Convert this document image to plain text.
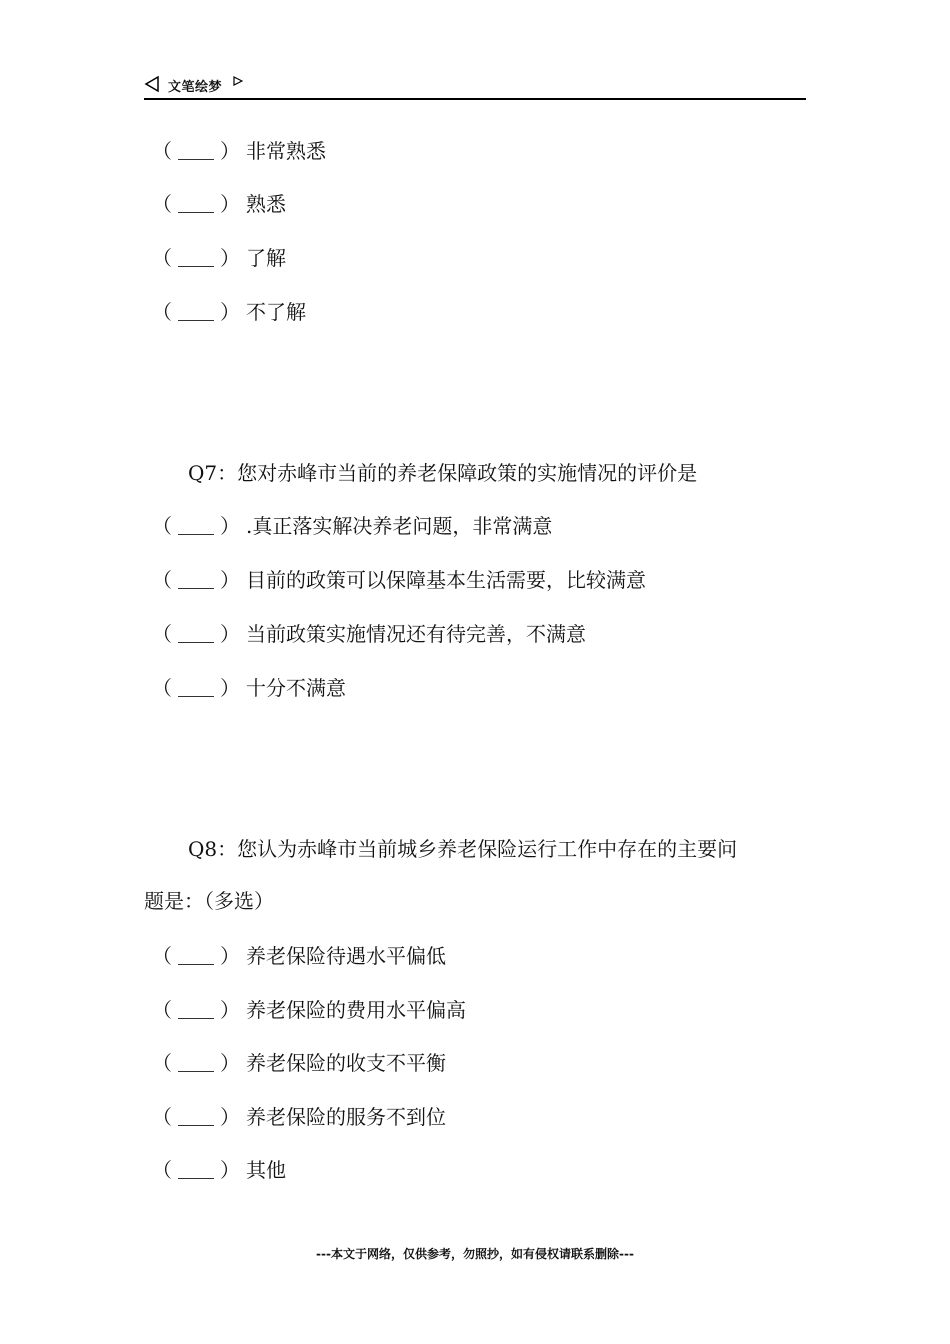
文笔绘梦
（ ） 非常熟悉
（ ） 熟悉
（ ） 了解
（ ） 不了解
Q7：您对赤峰市当前的养老保障政策的实施情况的评价是
（ ） .真正落实解决养老问题，非常满意
（ ） 目前的政策可以保障基本生活需要，比较满意
（ ） 当前政策实施情况还有待完善，不满意
（ ） 十分不满意
Q8：您认为赤峰市当前城乡养老保险运行工作中存在的主要问
题是：（多选）
（ ） 养老保险待遇水平偏低
（ ） 养老保险的费用水平偏高
（ ） 养老保险的收支不平衡
（ ） 养老保险的服务不到位
（ ） 其他
---本文于网络，仅供参考，勿照抄，如有侵权请联系删除---
